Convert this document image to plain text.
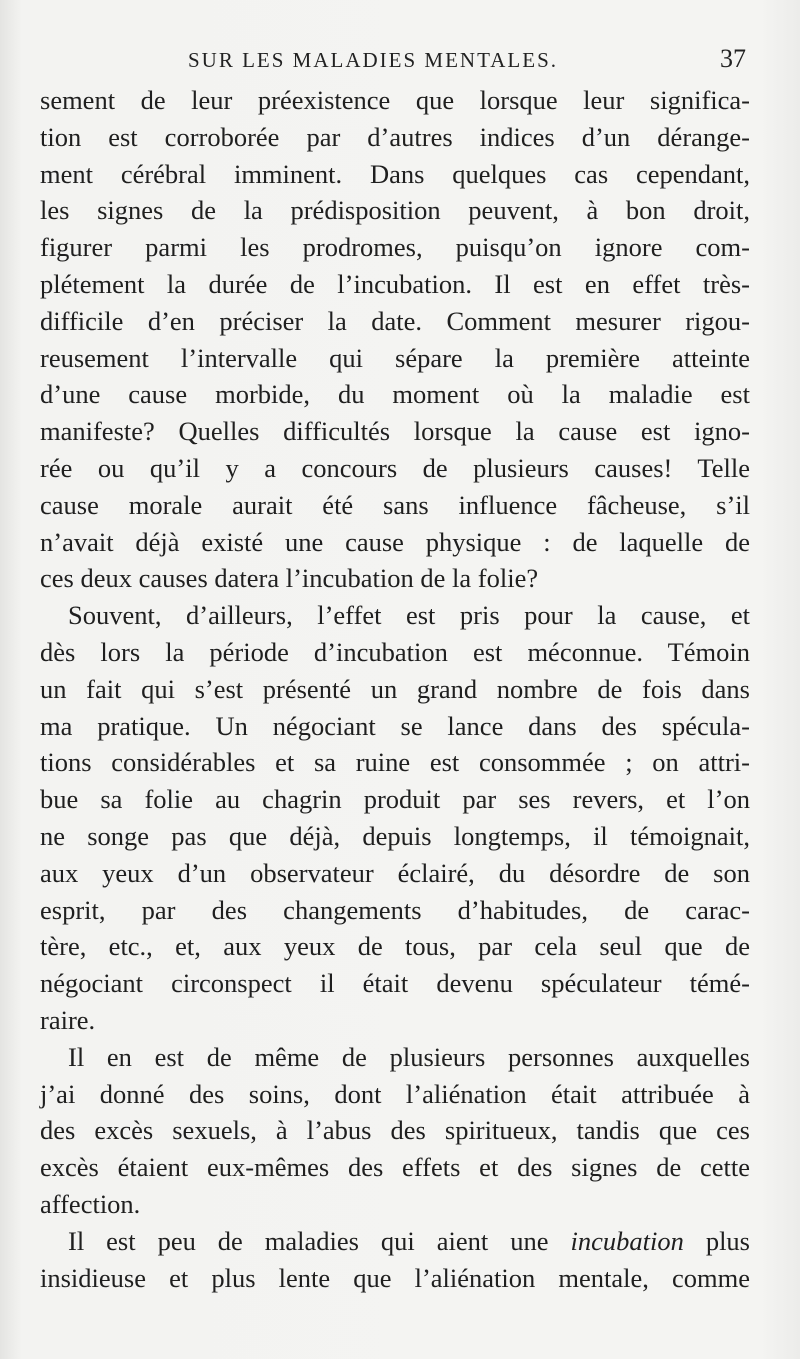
SUR LES MALADIES MENTALES.	37
sement de leur préexistence que lorsque leur significa-
tion est corroborée par d’autres indices d’un dérange-
ment cérébral imminent. Dans quelques cas cependant,
les signes de la prédisposition peuvent, à bon droit,
figurer parmi les prodromes, puisqu’on ignore com-
plétement la durée de l’incubation. Il est en effet très-
difficile d’en préciser la date. Comment mesurer rigou-
reusement l’intervalle qui sépare la première atteinte
d’une cause morbide, du moment où la maladie est
manifeste? Quelles difficultés lorsque la cause est igno-
rée ou qu’il y a concours de plusieurs causes! Telle
cause morale aurait été sans influence fâcheuse, s’il
n’avait déjà existé une cause physique : de laquelle de
ces deux causes datera l’incubation de la folie?
Souvent, d’ailleurs, l’effet est pris pour la cause, et
dès lors la période d’incubation est méconnue. Témoin
un fait qui s’est présenté un grand nombre de fois dans
ma pratique. Un négociant se lance dans des spécula-
tions considérables et sa ruine est consommée ; on attri-
bue sa folie au chagrin produit par ses revers, et l’on
ne songe pas que déjà, depuis longtemps, il témoignait,
aux yeux d’un observateur éclairé, du désordre de son
esprit, par des changements d’habitudes, de carac-
tère, etc., et, aux yeux de tous, par cela seul que de
négociant circonspect il était devenu spéculateur témé-
raire.
Il en est de même de plusieurs personnes auxquelles
j’ai donné des soins, dont l’aliénation était attribuée à
des excès sexuels, à l’abus des spiritueux, tandis que ces
excès étaient eux-mêmes des effets et des signes de cette
affection.
Il est peu de maladies qui aient une incubation plus
insidieuse et plus lente que l’aliénation mentale, comme
